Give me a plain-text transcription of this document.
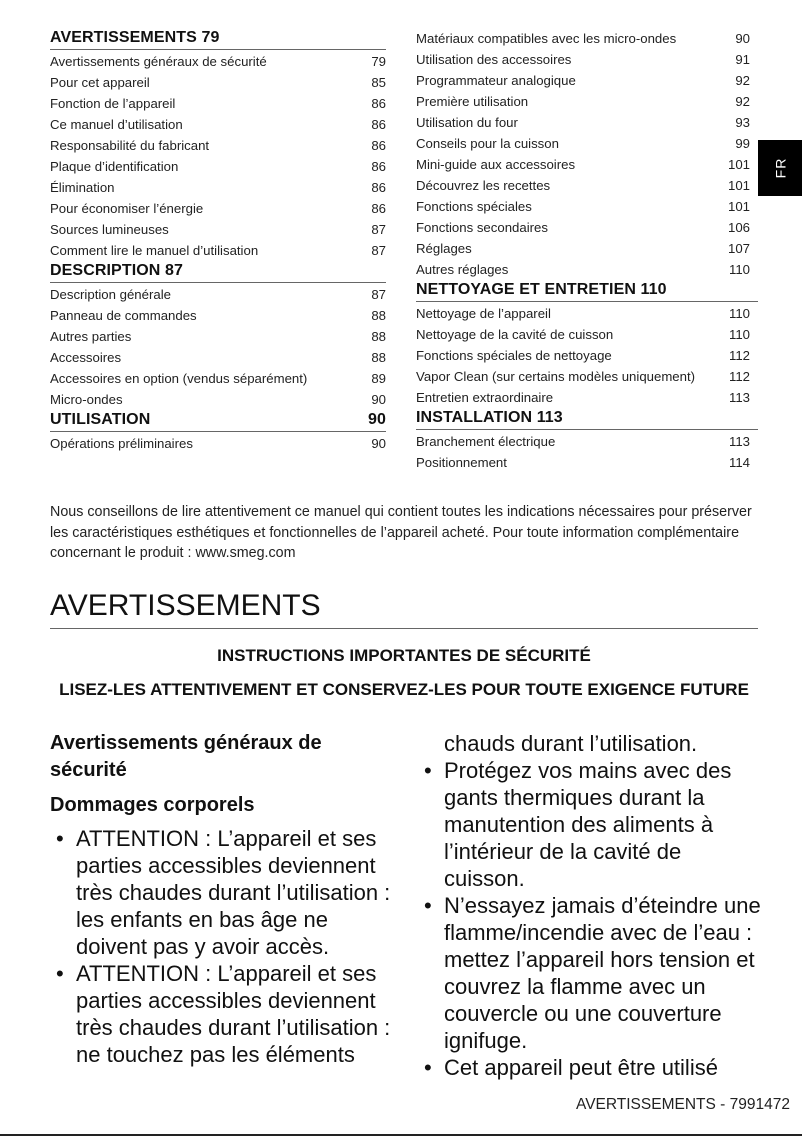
AVERTISSEMENTS 79
Avertissements généraux de sécurité	79
Pour cet appareil	85
Fonction de l’appareil	86
Ce manuel d’utilisation	86
Responsabilité du fabricant	86
Plaque d’identification	86
Élimination	86
Pour économiser l’énergie	86
Sources lumineuses	87
Comment lire le manuel d’utilisation	87
DESCRIPTION 87
Description générale	87
Panneau de commandes	88
Autres parties	88
Accessoires	88
Accessoires en option (vendus séparément)	89
Micro-ondes	90
UTILISATION	90
Opérations préliminaires	90
Matériaux compatibles avec les micro-ondes	90
Utilisation des accessoires	91
Programmateur analogique	92
Première utilisation	92
Utilisation du four	93
Conseils pour la cuisson	99
Mini-guide aux accessoires	101
Découvrez les recettes	101
Fonctions spéciales	101
Fonctions secondaires	106
Réglages	107
Autres réglages	110
NETTOYAGE ET ENTRETIEN 110
Nettoyage de l’appareil	110
Nettoyage de la cavité de cuisson	110
Fonctions spéciales de nettoyage	112
Vapor Clean (sur certains modèles uniquement)	112
Entretien extraordinaire	113
INSTALLATION 113
Branchement électrique	113
Positionnement	114
FR

Nous conseillons de lire attentivement ce manuel qui contient toutes les indications nécessaires pour préserver les caractéristiques esthétiques et fonctionnelles de l’appareil acheté. Pour toute information complémentaire concernant le produit : www.smeg.com

AVERTISSEMENTS
INSTRUCTIONS IMPORTANTES DE SÉCURITÉ
LISEZ-LES ATTENTIVEMENT ET CONSERVEZ-LES POUR TOUTE EXIGENCE FUTURE
Avertissements généraux de sécurité
Dommages corporels
• ATTENTION : L’appareil et ses parties accessibles deviennent très chaudes durant l’utilisation : les enfants en bas âge ne doivent pas y avoir accès.
• ATTENTION : L’appareil et ses parties accessibles deviennent très chaudes durant l’utilisation : ne touchez pas les éléments
chauds durant l’utilisation.
• Protégez vos mains avec des gants thermiques durant la manutention des aliments à l’intérieur de la cavité de cuisson.
• N’essayez jamais d’éteindre une flamme/incendie avec de l’eau : mettez l’appareil hors tension et couvrez la flamme avec un couvercle ou une couverture ignifuge.
• Cet appareil peut être utilisé
AVERTISSEMENTS - 7991472
